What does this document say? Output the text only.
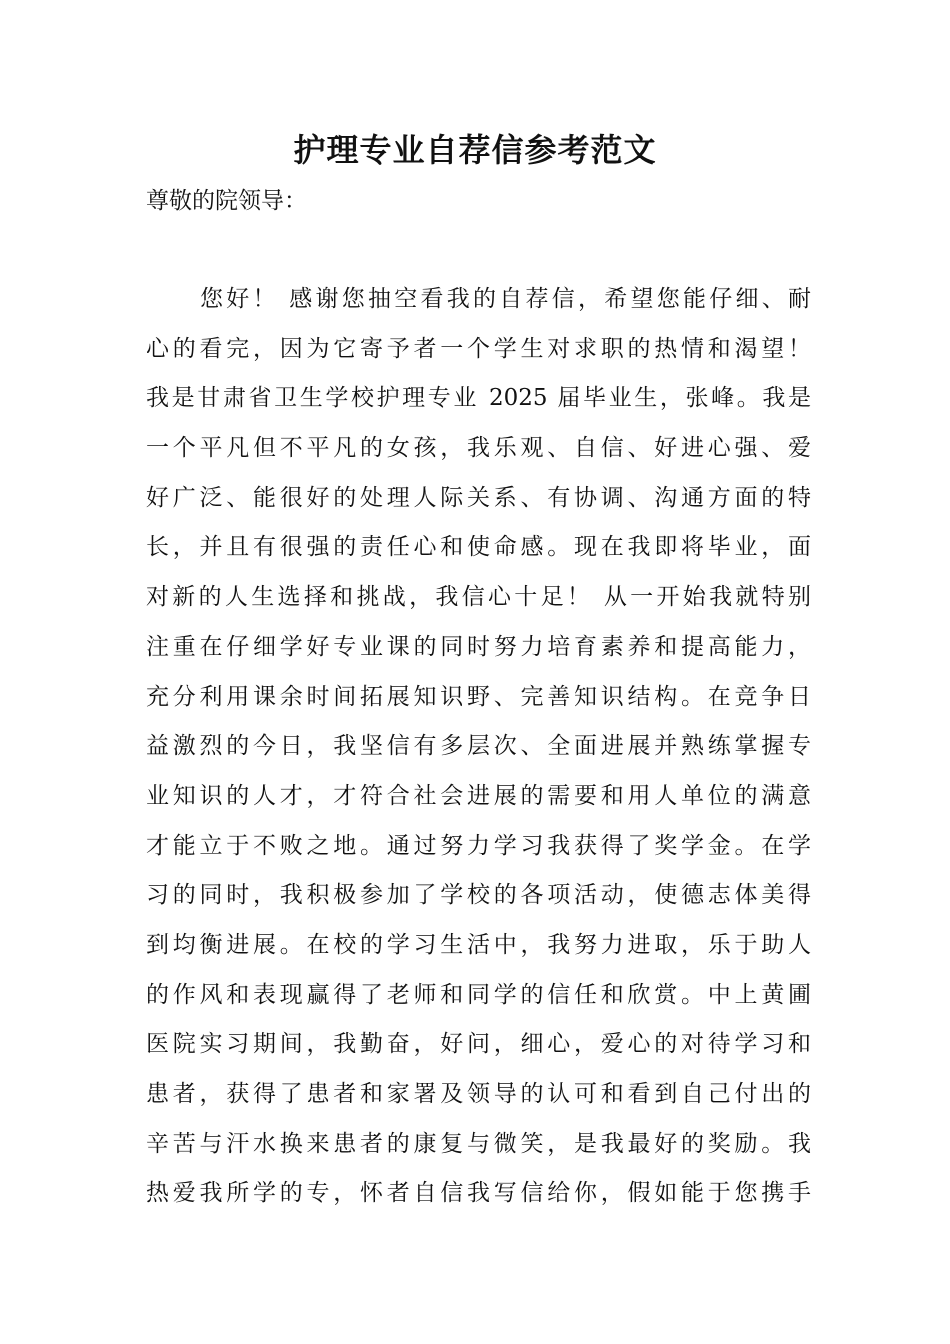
护理专业自荐信参考范文

尊敬的院领导：

您好！ 感谢您抽空看我的自荐信，希望您能仔细、耐
心的看完，因为它寄予者一个学生对求职的热情和渴望！
我是甘肃省卫生学校护理专业 2025 届毕业生，张峰。我是
一个平凡但不平凡的女孩，我乐观、自信、好进心强、爱
好广泛、能很好的处理人际关系、有协调、沟通方面的特
长，并且有很强的责任心和使命感。现在我即将毕业，面
对新的人生选择和挑战，我信心十足！ 从一开始我就特别
注重在仔细学好专业课的同时努力培育素养和提高能力，
充分利用课余时间拓展知识野、完善知识结构。在竞争日
益激烈的今日，我坚信有多层次、全面进展并熟练掌握专
业知识的人才，才符合社会进展的需要和用人单位的满意
才能立于不败之地。通过努力学习我获得了奖学金。在学
习的同时，我积极参加了学校的各项活动，使德志体美得
到均衡进展。在校的学习生活中，我努力进取，乐于助人
的作风和表现赢得了老师和同学的信任和欣赏。中上黄圃
医院实习期间，我勤奋，好问，细心，爱心的对待学习和
患者，获得了患者和家署及领导的认可和看到自己付出的
辛苦与汗水换来患者的康复与微笑，是我最好的奖励。我
热爱我所学的专，怀者自信我写信给你，假如能于您携手
